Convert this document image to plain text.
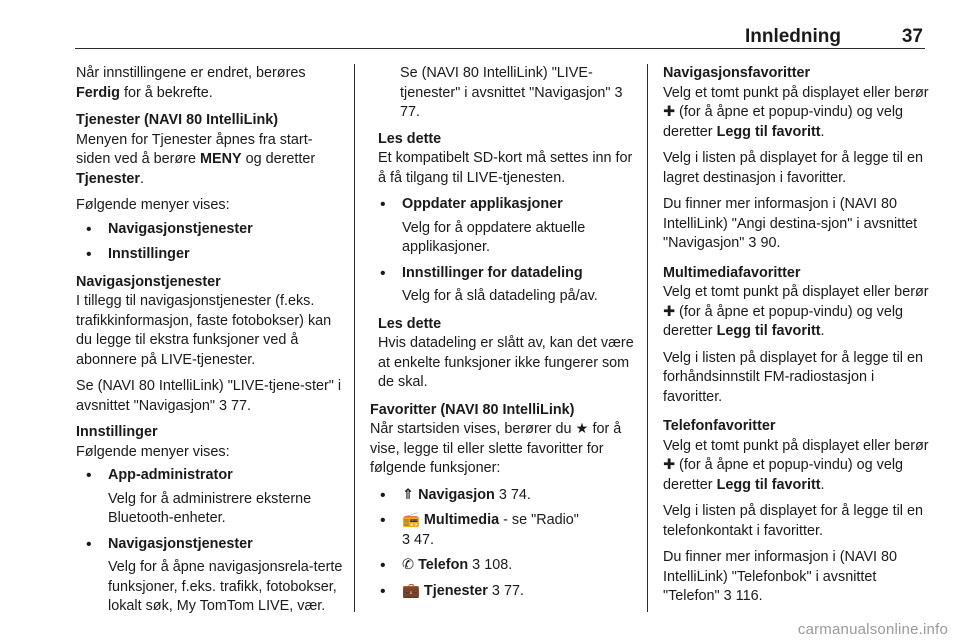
Innledning	37

Når innstillingene er endret, berøres Ferdig for å bekrefte.

Tjenester (NAVI 80 IntelliLink)

Menyen for Tjenester åpnes fra start-siden ved å berøre MENY og deretter Tjenester.

Følgende menyer vises:

• Navigasjonstjenester
• Innstillinger

Navigasjonstjenester

I tillegg til navigasjonstjenester (f.eks. trafikkinformasjon, faste fotobokser) kan du legge til ekstra funksjoner ved å abonnere på LIVE-tjenester.

Se (NAVI 80 IntelliLink) "LIVE-tjene-ster" i avsnittet "Navigasjon" 3 77.

Innstillinger

Følgende menyer vises:

• App-administrator
Velg for å administrere eksterne Bluetooth-enheter.
• Navigasjonstjenester
Velg for å åpne navigasjonsrela-terte funksjoner, f.eks. trafikk, fotobokser, lokalt søk, My TomTom LIVE, vær.

Se (NAVI 80 IntelliLink) "LIVE-tjenester" i avsnittet "Navigasjon" 3 77.

Les dette

Et kompatibelt SD-kort må settes inn for å få tilgang til LIVE-tjenesten.

• Oppdater applikasjoner
Velg for å oppdatere aktuelle applikasjoner.
• Innstillinger for datadeling
Velg for å slå datadeling på/av.

Les dette

Hvis datadeling er slått av, kan det være at enkelte funksjoner ikke fungerer som de skal.

Favoritter (NAVI 80 IntelliLink)

Når startsiden vises, berører du ★ for å vise, legge til eller slette favoritter for følgende funksjoner:

• ⇑ Navigasjon 3 74.
• 📻 Multimedia - se "Radio"
3 47.
• ✆ Telefon 3 108.
• 💼 Tjenester 3 77.

Navigasjonsfavoritter

Velg et tomt punkt på displayet eller berør ✚ (for å åpne et popup-vindu) og velg deretter Legg til favoritt.

Velg i listen på displayet for å legge til en lagret destinasjon i favoritter.

Du finner mer informasjon i (NAVI 80 IntelliLink) "Angi destina-sjon" i avsnittet "Navigasjon" 3 90.

Multimediafavoritter

Velg et tomt punkt på displayet eller berør ✚ (for å åpne et popup-vindu) og velg deretter Legg til favoritt.

Velg i listen på displayet for å legge til en forhåndsinnstilt FM-radiostasjon i favoritter.

Telefonfavoritter

Velg et tomt punkt på displayet eller berør ✚ (for å åpne et popup-vindu) og velg deretter Legg til favoritt.

Velg i listen på displayet for å legge til en telefonkontakt i favoritter.

Du finner mer informasjon i (NAVI 80 IntelliLink) "Telefonbok" i avsnittet "Telefon" 3 116.

carmanualsonline.info
